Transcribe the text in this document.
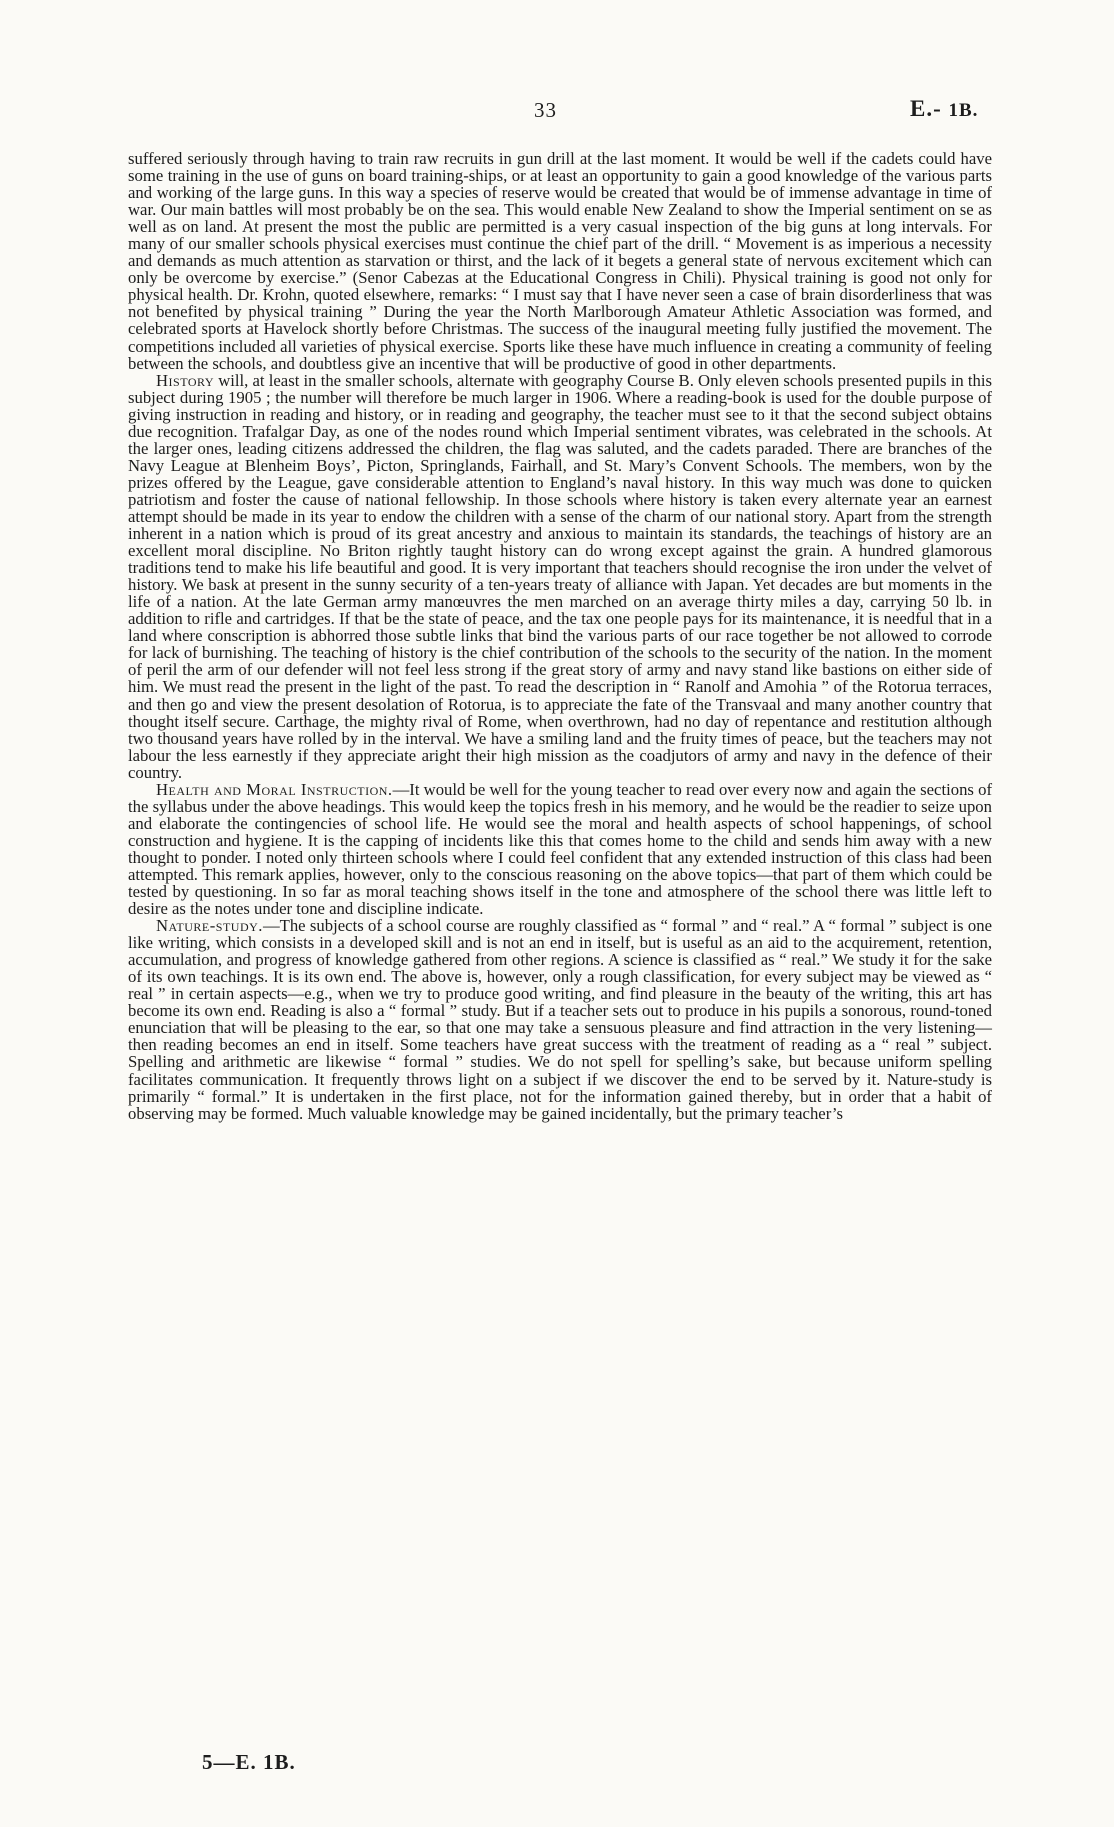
33	E.- 1B.

suffered seriously through having to train raw recruits in gun drill at the last moment. It would be well if the cadets could have some training in the use of guns on board training-ships, or at least an opportunity to gain a good knowledge of the various parts and working of the large guns. In this way a species of reserve would be created that would be of immense advantage in time of war. Our main battles will most probably be on the sea. This would enable New Zealand to show the Imperial sentiment on se as well as on land. At present the most the public are permitted is a very casual inspection of the big guns at long intervals. For many of our smaller schools physical exercises must continue the chief part of the drill. “ Movement is as imperious a necessity and demands as much attention as starvation or thirst, and the lack of it begets a general state of nervous excitement which can only be overcome by exercise.” (Senor Cabezas at the Educational Congress in Chili). Physical training is good not only for physical health. Dr. Krohn, quoted elsewhere, remarks: “ I must say that I have never seen a case of brain disorderliness that was not benefited by physical training ” During the year the North Marlborough Amateur Athletic Association was formed, and celebrated sports at Havelock shortly before Christmas. The success of the inaugural meeting fully justified the movement. The competitions included all varieties of physical exercise. Sports like these have much influence in creating a community of feeling between the schools, and doubtless give an incentive that will be productive of good in other departments.

History will, at least in the smaller schools, alternate with geography Course B. Only eleven schools presented pupils in this subject during 1905 ; the number will therefore be much larger in 1906. Where a reading-book is used for the double purpose of giving instruction in reading and history, or in reading and geography, the teacher must see to it that the second subject obtains due recognition. Trafalgar Day, as one of the nodes round which Imperial sentiment vibrates, was celebrated in the schools. At the larger ones, leading citizens addressed the children, the flag was saluted, and the cadets paraded. There are branches of the Navy League at Blenheim Boys’, Picton, Springlands, Fairhall, and St. Mary’s Convent Schools. The members, won by the prizes offered by the League, gave considerable attention to England’s naval history. In this way much was done to quicken patriotism and foster the cause of national fellowship. In those schools where history is taken every alternate year an earnest attempt should be made in its year to endow the children with a sense of the charm of our national story. Apart from the strength inherent in a nation which is proud of its great ancestry and anxious to maintain its standards, the teachings of history are an excellent moral discipline. No Briton rightly taught history can do wrong except against the grain. A hundred glamorous traditions tend to make his life beautiful and good. It is very important that teachers should recognise the iron under the velvet of history. We bask at present in the sunny security of a ten-years treaty of alliance with Japan. Yet decades are but moments in the life of a nation. At the late German army manœuvres the men marched on an average thirty miles a day, carrying 50 lb. in addition to rifle and cartridges. If that be the state of peace, and the tax one people pays for its maintenance, it is needful that in a land where conscription is abhorred those subtle links that bind the various parts of our race together be not allowed to corrode for lack of burnishing. The teaching of history is the chief contribution of the schools to the security of the nation. In the moment of peril the arm of our defender will not feel less strong if the great story of army and navy stand like bastions on either side of him. We must read the present in the light of the past. To read the description in “ Ranolf and Amohia ” of the Rotorua terraces, and then go and view the present desolation of Rotorua, is to appreciate the fate of the Transvaal and many another country that thought itself secure. Carthage, the mighty rival of Rome, when overthrown, had no day of repentance and restitution although two thousand years have rolled by in the interval. We have a smiling land and the fruity times of peace, but the teachers may not labour the less earnestly if they appreciate aright their high mission as the coadjutors of army and navy in the defence of their country.

Health and Moral Instruction.—It would be well for the young teacher to read over every now and again the sections of the syllabus under the above headings. This would keep the topics fresh in his memory, and he would be the readier to seize upon and elaborate the contingencies of school life. He would see the moral and health aspects of school happenings, of school construction and hygiene. It is the capping of incidents like this that comes home to the child and sends him away with a new thought to ponder. I noted only thirteen schools where I could feel confident that any extended instruction of this class had been attempted. This remark applies, however, only to the conscious reasoning on the above topics—that part of them which could be tested by questioning. In so far as moral teaching shows itself in the tone and atmosphere of the school there was little left to desire as the notes under tone and discipline indicate.

Nature-study.—The subjects of a school course are roughly classified as “ formal ” and “ real.” A “ formal ” subject is one like writing, which consists in a developed skill and is not an end in itself, but is useful as an aid to the acquirement, retention, accumulation, and progress of knowledge gathered from other regions. A science is classified as “ real.” We study it for the sake of its own teachings. It is its own end. The above is, however, only a rough classification, for every subject may be viewed as “ real ” in certain aspects—e.g., when we try to produce good writing, and find pleasure in the beauty of the writing, this art has become its own end. Reading is also a “ formal ” study. But if a teacher sets out to produce in his pupils a sonorous, round-toned enunciation that will be pleasing to the ear, so that one may take a sensuous pleasure and find attraction in the very listening—then reading becomes an end in itself. Some teachers have great success with the treatment of reading as a “ real ” subject. Spelling and arithmetic are likewise “ formal ” studies. We do not spell for spelling’s sake, but because uniform spelling facilitates communication. It frequently throws light on a subject if we discover the end to be served by it. Nature-study is primarily “ formal.” It is undertaken in the first place, not for the information gained thereby, but in order that a habit of observing may be formed. Much valuable knowledge may be gained incidentally, but the primary teacher’s

5—E. 1B.
